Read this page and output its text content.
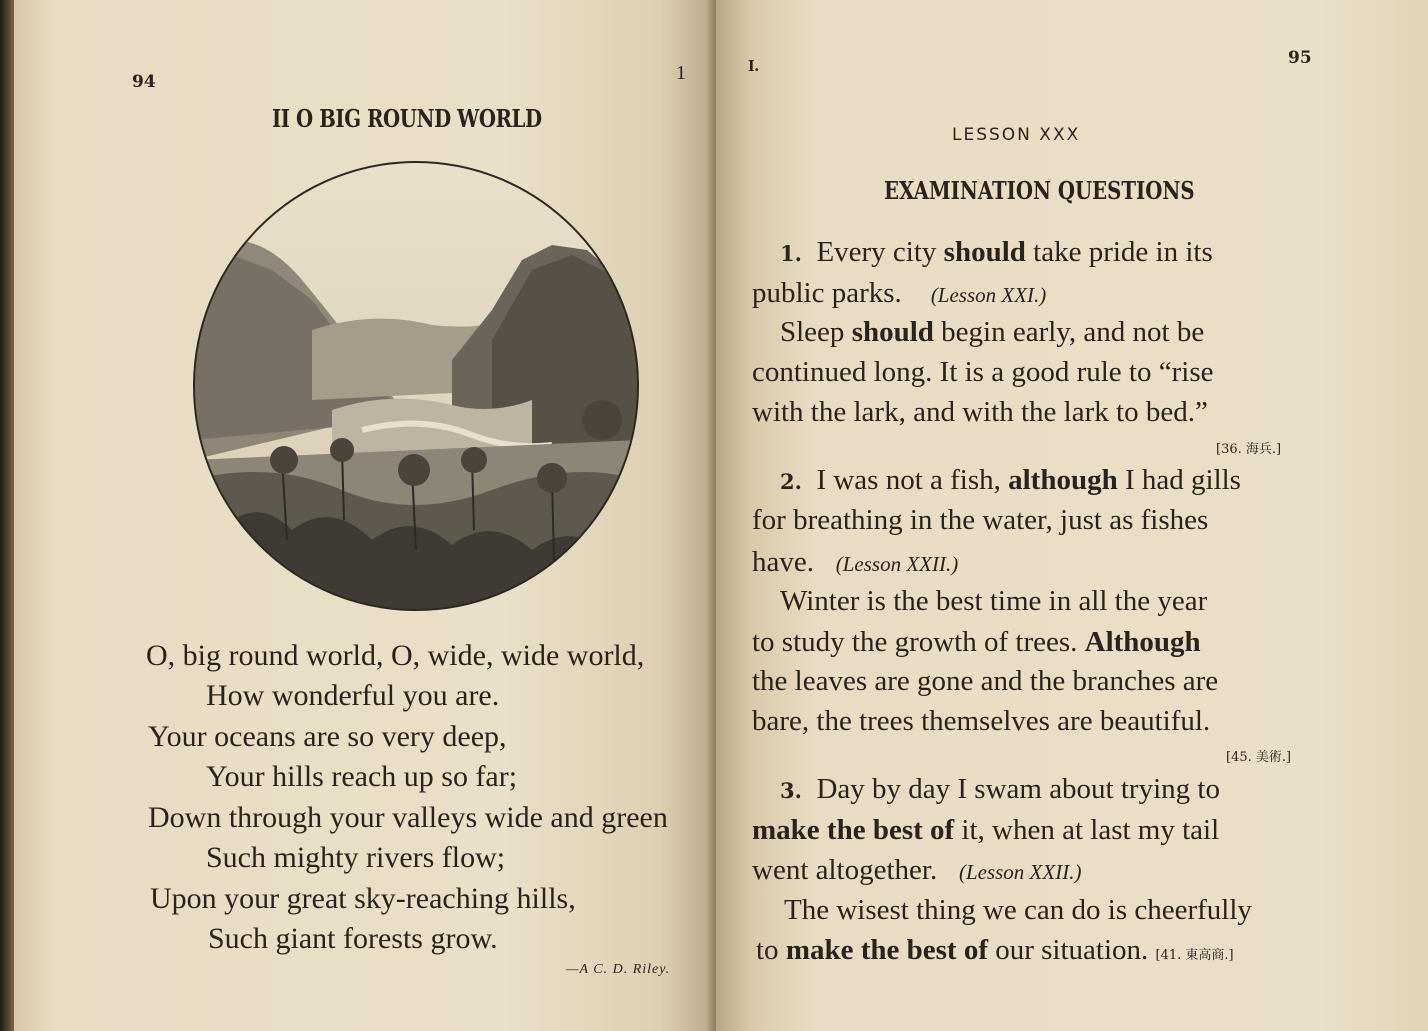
94	1
II O BIG ROUND WORLD
O, big round world, O, wide, wide world,
How wonderful you are.
Your oceans are so very deep,
Your hills reach up so far;
Down through your valleys wide and green
Such mighty rivers flow;
Upon your great sky-reaching hills,
Such giant forests grow.
—A C. D. Riley.
I.	95
LESSON XXX
EXAMINATION QUESTIONS
1. Every city should take pride in its
public parks. (Lesson XXI.)
Sleep should begin early, and not be
continued long. It is a good rule to “rise
with the lark, and with the lark to bed.”
[36. 海兵.]
2. I was not a fish, although I had gills
for breathing in the water, just as fishes
have. (Lesson XXII.)
Winter is the best time in all the year
to study the growth of trees. Although
the leaves are gone and the branches are
bare, the trees themselves are beautiful.
[45. 美術.]
3. Day by day I swam about trying to
make the best of it, when at last my tail
went altogether. (Lesson XXII.)
The wisest thing we can do is cheerfully
to make the best of our situation. [41. 東高商.]
